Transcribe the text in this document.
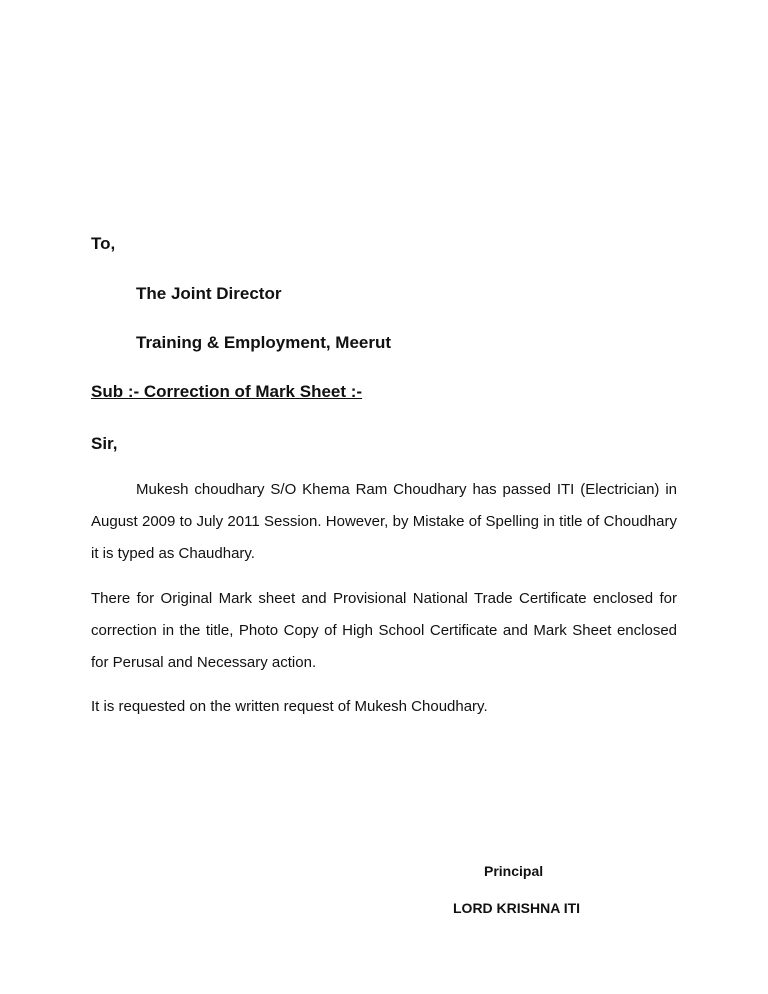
To,
The Joint Director
Training & Employment, Meerut
Sub :- Correction of Mark Sheet :-
Sir,

Mukesh choudhary S/O Khema Ram Choudhary has passed ITI (Electrician) in August 2009 to July 2011 Session. However, by Mistake of Spelling in title of Choudhary it is typed as Chaudhary.

There for Original Mark sheet and Provisional National Trade Certificate enclosed for correction in the title, Photo Copy of High School Certificate and Mark Sheet enclosed for Perusal and Necessary action.

It is requested on the written request of Mukesh Choudhary.

Principal
LORD KRISHNA ITI
